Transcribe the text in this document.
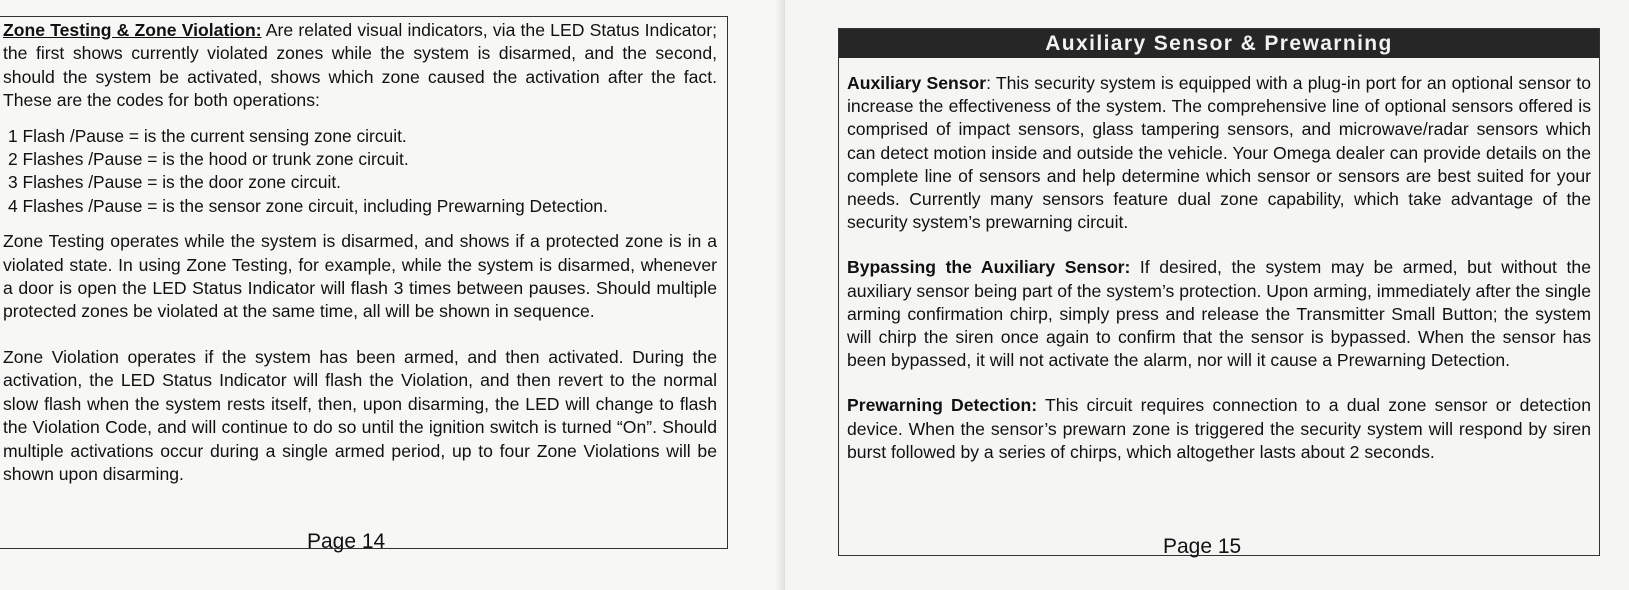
Zone Testing & Zone Violation: Are related visual indicators, via the LED Status Indicator; the first shows currently violated zones while the system is disarmed, and the second, should the system be activated, shows which zone caused the activation after the fact. These are the codes for both operations:

1 Flash /Pause = is the current sensing zone circuit.
2 Flashes /Pause = is the hood or trunk zone circuit.
3 Flashes /Pause = is the door zone circuit.
4 Flashes /Pause = is the sensor zone circuit, including Prewarning Detection.

Zone Testing operates while the system is disarmed, and shows if a protected zone is in a violated state. In using Zone Testing, for example, while the system is disarmed, whenever a door is open the LED Status Indicator will flash 3 times between pauses. Should multiple protected zones be violated at the same time, all will be shown in sequence.

Zone Violation operates if the system has been armed, and then activated. During the activation, the LED Status Indicator will flash the Violation, and then revert to the normal slow flash when the system rests itself, then, upon disarming, the LED will change to flash the Violation Code, and will continue to do so until the ignition switch is turned “On”. Should multiple activations occur during a single armed period, up to four Zone Violations will be shown upon disarming.

Page 14
Auxiliary Sensor & Prewarning

Auxiliary Sensor: This security system is equipped with a plug-in port for an optional sensor to increase the effectiveness of the system. The comprehensive line of optional sensors offered is comprised of impact sensors, glass tampering sensors, and microwave/radar sensors which can detect motion inside and outside the vehicle. Your Omega dealer can provide details on the complete line of sensors and help determine which sensor or sensors are best suited for your needs. Currently many sensors feature dual zone capability, which take advantage of the security system’s prewarning circuit.

Bypassing the Auxiliary Sensor: If desired, the system may be armed, but without the auxiliary sensor being part of the system’s protection. Upon arming, immediately after the single arming confirmation chirp, simply press and release the Transmitter Small Button; the system will chirp the siren once again to confirm that the sensor is bypassed. When the sensor has been bypassed, it will not activate the alarm, nor will it cause a Prewarning Detection.

Prewarning Detection: This circuit requires connection to a dual zone sensor or detection device. When the sensor’s prewarn zone is triggered the security system will respond by siren burst followed by a series of chirps, which altogether lasts about 2 seconds.

Page 15
